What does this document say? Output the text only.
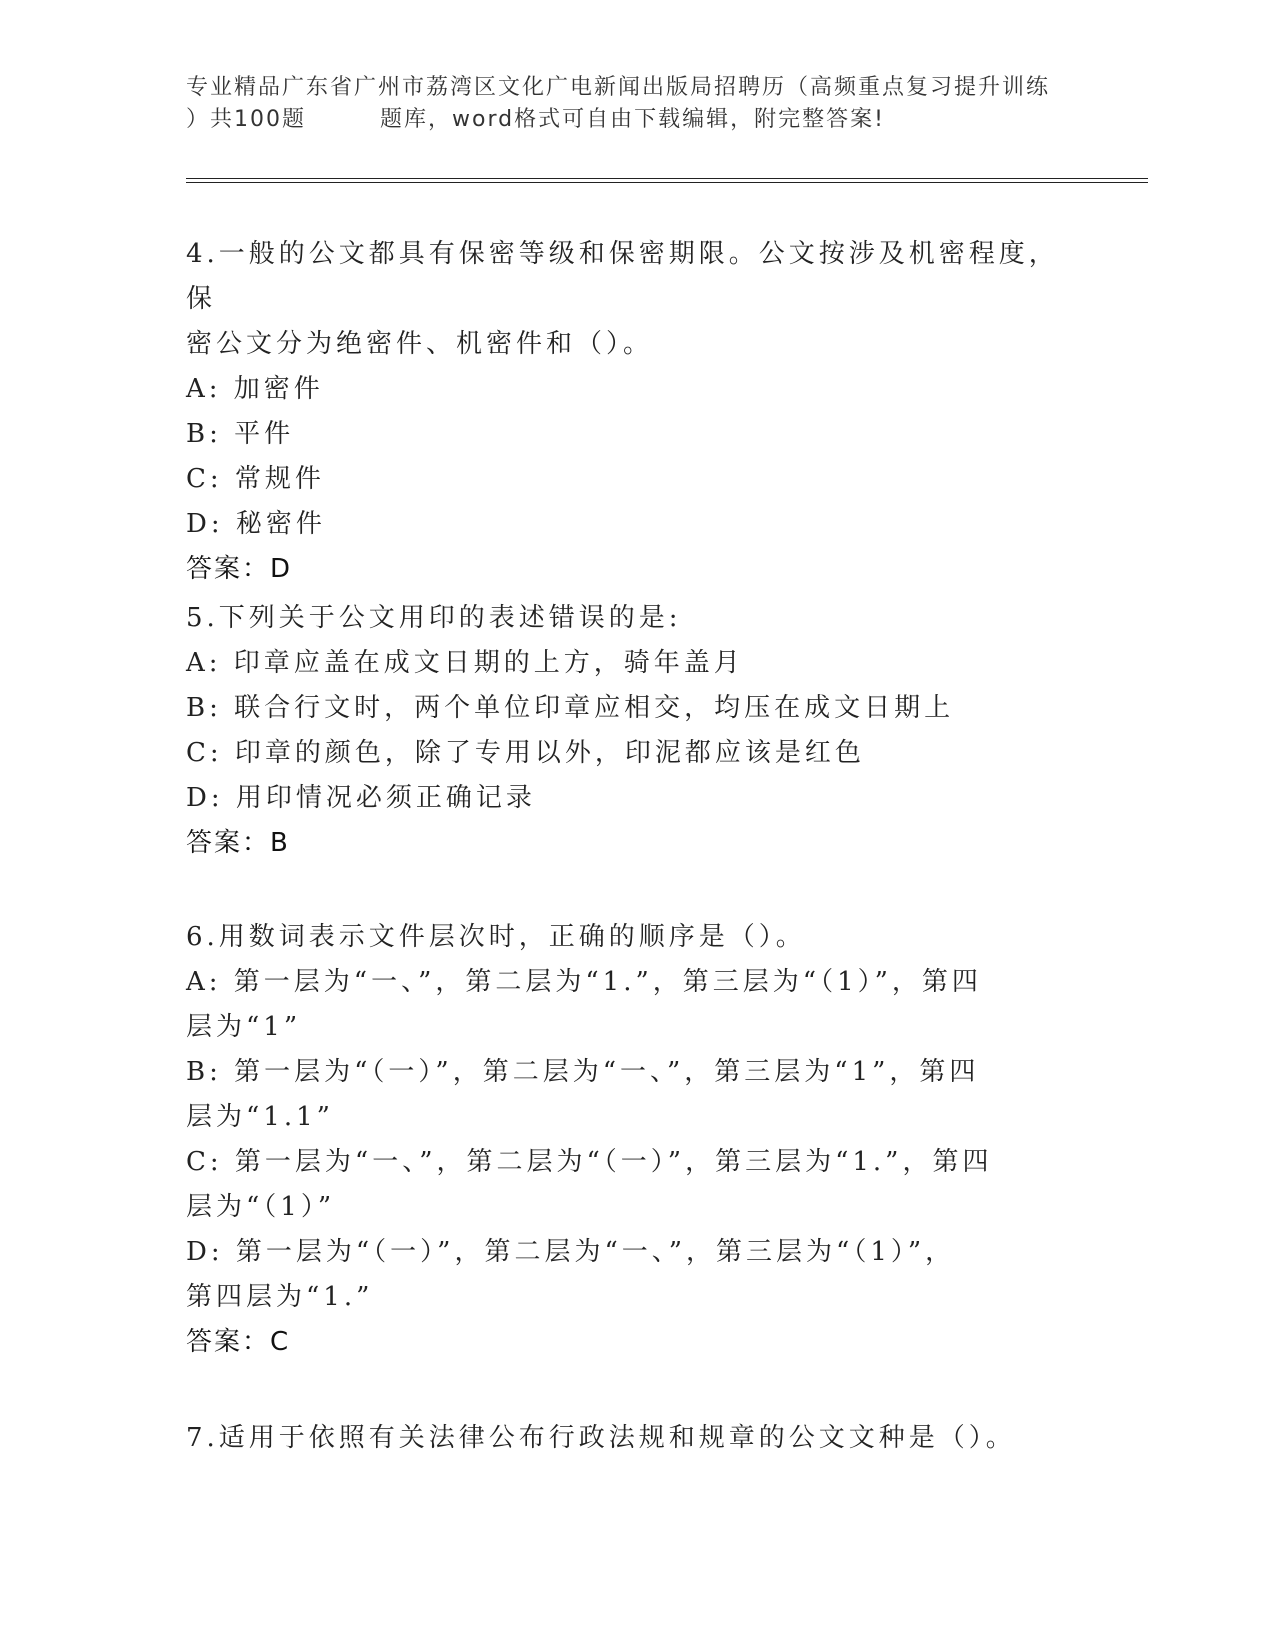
专业精品广东省广州市荔湾区文化广电新闻出版局招聘历（高频重点复习提升训练
）共100题	题库，word格式可自由下载编辑，附完整答案!
4.一般的公文都具有保密等级和保密期限。公文按涉及机密程度，保
密公文分为绝密件、机密件和（）。
A: 加密件
B: 平件
C: 常规件
D: 秘密件
答案：D
5.下列关于公文用印的表述错误的是:
A: 印章应盖在成文日期的上方，骑年盖月
B: 联合行文时，两个单位印章应相交，均压在成文日期上
C: 印章的颜色，除了专用以外，印泥都应该是红色
D: 用印情况必须正确记录
答案：B
6.用数词表示文件层次时，正确的顺序是（）。
A: 第一层为“一、”，第二层为“1.”，第三层为“（1）”，第四
层为“1”
B: 第一层为“（一）”，第二层为“一、”，第三层为“1”，第四
层为“1.1”
C: 第一层为“一、”，第二层为“（一）”，第三层为“1.”，第四
层为“（1）”
D: 第一层为“（一）”，第二层为“一、”，第三层为“（1）”，
第四层为“1.”
答案：C
7.适用于依照有关法律公布行政法规和规章的公文文种是（）。
